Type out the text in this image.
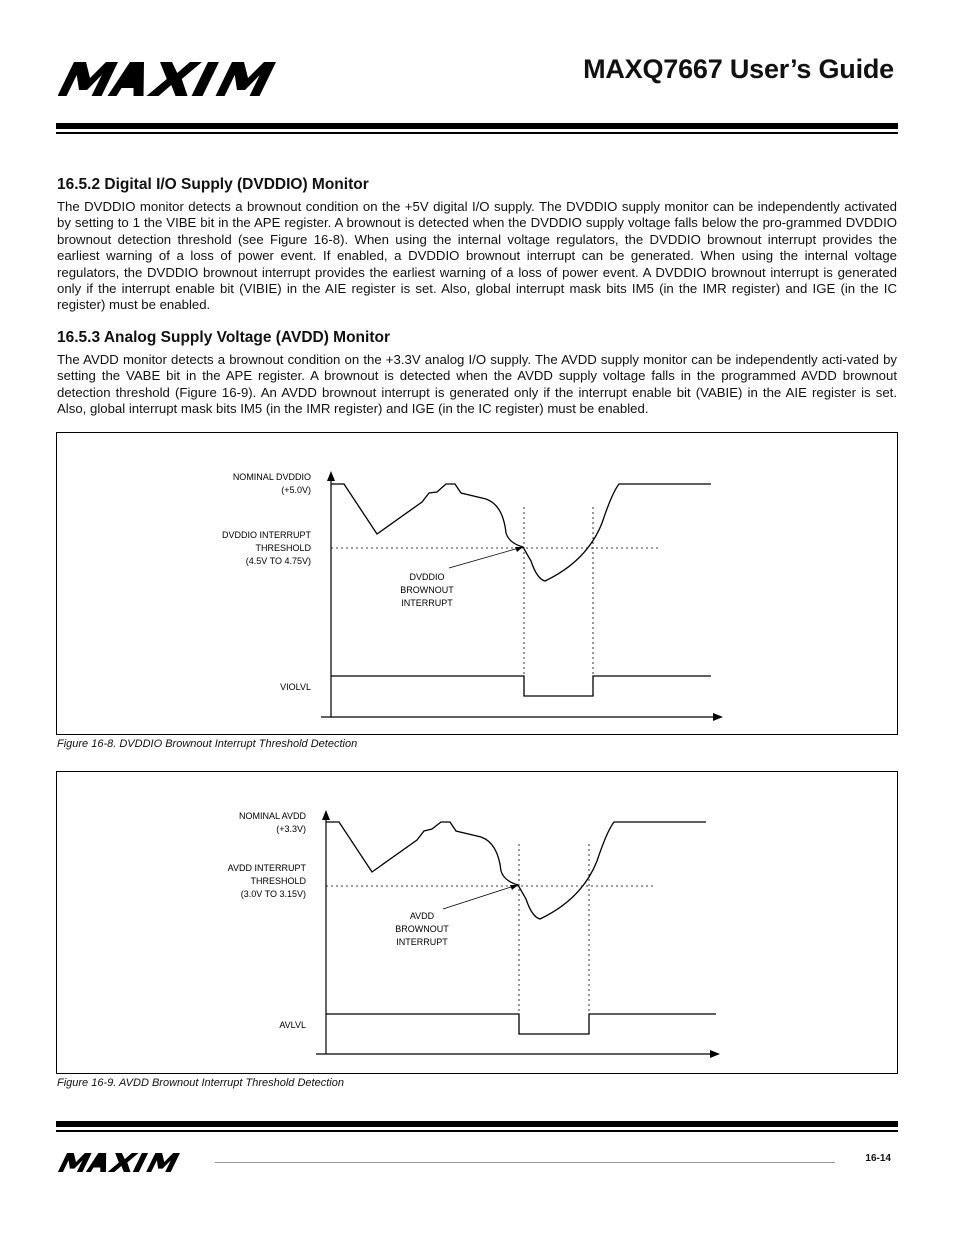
MAXIM	MAXQ7667 User’s Guide
16.5.2 Digital I/O Supply (DVDDIO) Monitor

The DVDDIO monitor detects a brownout condition on the +5V digital I/O supply. The DVDDIO supply monitor can be independently activated by setting to 1 the VIBE bit in the APE register. A brownout is detected when the DVDDIO supply voltage falls below the pro-grammed DVDDIO brownout detection threshold (see Figure 16-8). When using the internal voltage regulators, the DVDDIO brownout interrupt provides the earliest warning of a loss of power event. If enabled, a DVDDIO brownout interrupt can be generated. When using the internal voltage regulators, the DVDDIO brownout interrupt provides the earliest warning of a loss of power event. A DVDDIO brownout interrupt is generated only if the interrupt enable bit (VIBIE) in the AIE register is set. Also, global interrupt mask bits IM5 (in the IMR register) and IGE (in the IC register) must be enabled.

16.5.3 Analog Supply Voltage (AVDD) Monitor

The AVDD monitor detects a brownout condition on the +3.3V analog I/O supply. The AVDD supply monitor can be independently acti-vated by setting the VABE bit in the APE register. A brownout is detected when the AVDD supply voltage falls in the programmed AVDD brownout detection threshold (Figure 16-9). An AVDD brownout interrupt is generated only if the interrupt enable bit (VABIE) in the AIE register is set. Also, global interrupt mask bits IM5 (in the IMR register) and IGE (in the IC register) must be enabled.

NOMINAL DVDDIO
(+5.0V)
DVDDIO INTERRUPT
THRESHOLD
(4.5V TO 4.75V)
DVDDIO
BROWNOUT
INTERRUPT
VIOLVL
Figure 16-8. DVDDIO Brownout Interrupt Threshold Detection
NOMINAL AVDD
(+3.3V)
AVDD INTERRUPT
THRESHOLD
(3.0V TO 3.15V)
AVDD
BROWNOUT
INTERRUPT
AVLVL
Figure 16-9. AVDD Brownout Interrupt Threshold Detection
16-14
